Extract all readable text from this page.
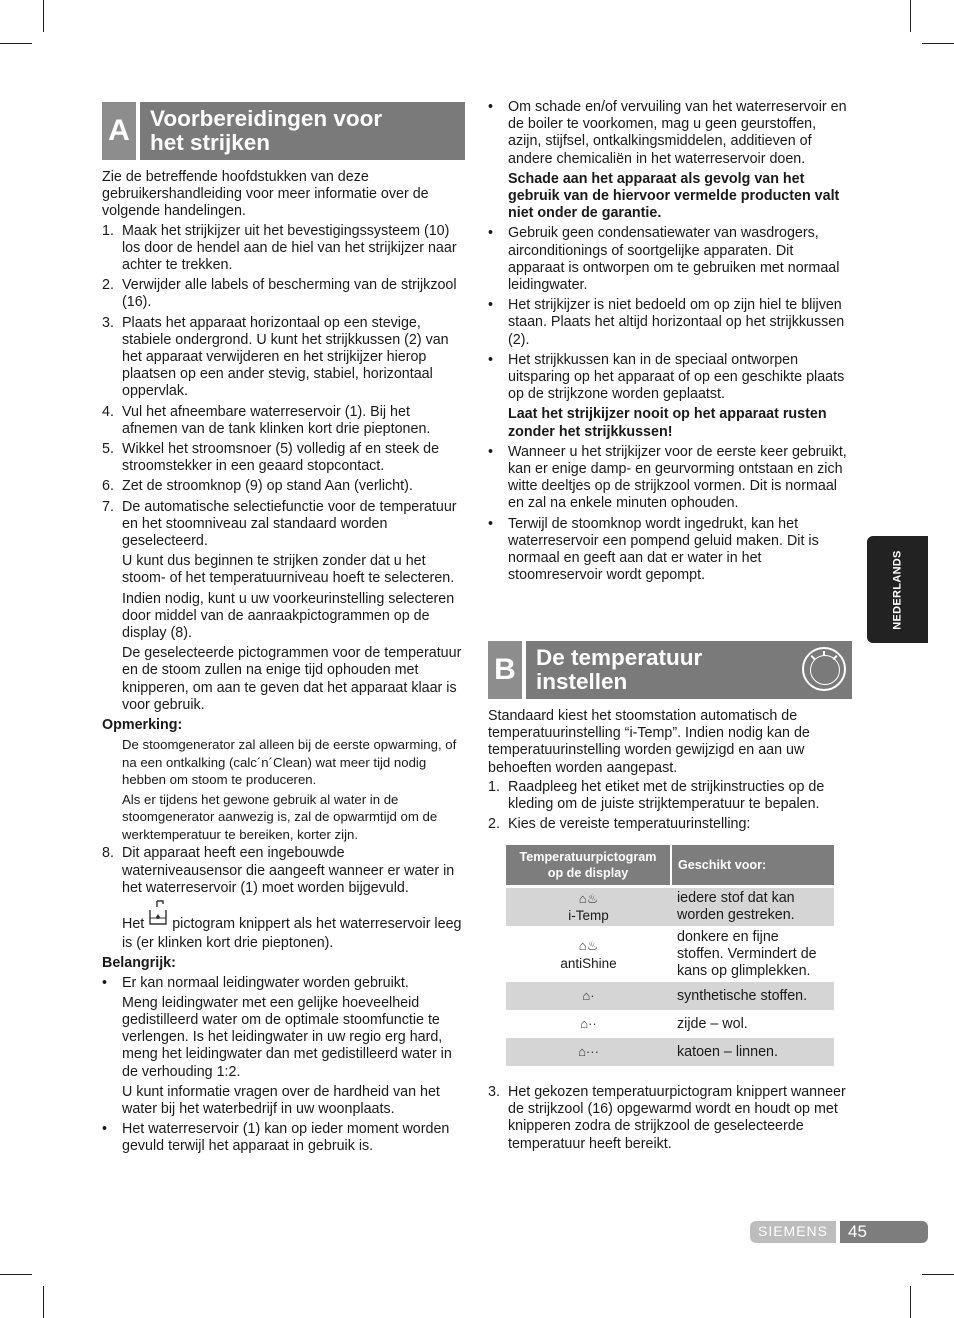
A Voorbereidingen voor
het strijken

Zie de betreffende hoofdstukken van deze gebruikershandleiding voor meer informatie over de volgende handelingen.

1. Maak het strijkijzer uit het bevestigingssysteem (10) los door de hendel aan de hiel van het strijkijzer naar achter te trekken.
2. Verwijder alle labels of bescherming van de strijkzool (16).
3. Plaats het apparaat horizontaal op een stevige, stabiele ondergrond. U kunt het strijkkussen (2) van het apparaat verwijderen en het strijkijzer hierop plaatsen op een ander stevig, stabiel, horizontaal oppervlak.
4. Vul het afneembare waterreservoir (1). Bij het afnemen van de tank klinken kort drie pieptonen.
5. Wikkel het stroomsnoer (5) volledig af en steek de stroomstekker in een geaard stopcontact.
6. Zet de stroomknop (9) op stand Aan (verlicht).
7. De automatische selectiefunctie voor de temperatuur en het stoomniveau zal standaard worden geselecteerd.
U kunt dus beginnen te strijken zonder dat u het stoom- of het temperatuurniveau hoeft te selecteren.
Indien nodig, kunt u uw voorkeurinstelling selecteren door middel van de aanraakpictogrammen op de display (8).
De geselecteerde pictogrammen voor de temperatuur en de stoom zullen na enige tijd ophouden met knipperen, om aan te geven dat het apparaat klaar is voor gebruik.

Opmerking:

De stoomgenerator zal alleen bij de eerste opwarming, of na een ontkalking (calc´n´Clean) wat meer tijd nodig hebben om stoom te produceren.
Als er tijdens het gewone gebruik al water in de stoomgenerator aanwezig is, zal de opwarmtijd om de werktemperatuur te bereiken, korter zijn.
8. Dit apparaat heeft een ingebouwde waterniveausensor die aangeeft wanneer er water in het waterreservoir (1) moet worden bijgevuld.
Het pictogram knippert als het waterreservoir leeg is (er klinken kort drie pieptonen).

Belangrijk:

• Er kan normaal leidingwater worden gebruikt.
Meng leidingwater met een gelijke hoeveelheid gedistilleerd water om de optimale stoomfunctie te verlengen. Is het leidingwater in uw regio erg hard, meng het leidingwater dan met gedistilleerd water in de verhouding 1:2.
U kunt informatie vragen over de hardheid van het water bij het waterbedrijf in uw woonplaats.
• Het waterreservoir (1) kan op ieder moment worden gevuld terwijl het apparaat in gebruik is.
• Om schade en/of vervuiling van het waterreservoir en de boiler te voorkomen, mag u geen geurstoffen, azijn, stijfsel, ontkalkingsmiddelen, additieven of andere chemicaliën in het waterreservoir doen.
Schade aan het apparaat als gevolg van het gebruik van de hiervoor vermelde producten valt niet onder de garantie.
• Gebruik geen condensatiewater van wasdrogers, airconditionings of soortgelijke apparaten. Dit apparaat is ontworpen om te gebruiken met normaal leidingwater.
• Het strijkijzer is niet bedoeld om op zijn hiel te blijven staan. Plaats het altijd horizontaal op het strijkkussen (2).
• Het strijkkussen kan in de speciaal ontworpen uitsparing op het apparaat of op een geschikte plaats op de strijkzone worden geplaatst.
Laat het strijkijzer nooit op het apparaat rusten zonder het strijkkussen!
• Wanneer u het strijkijzer voor de eerste keer gebruikt, kan er enige damp- en geurvorming ontstaan en zich witte deeltjes op de strijkzool vormen. Dit is normaal en zal na enkele minuten ophouden.
• Terwijl de stoomknop wordt ingedrukt, kan het waterreservoir een pompend geluid maken. Dit is normaal en geeft aan dat er water in het stoomreservoir wordt gepompt.
B De temperatuur
instellen

Standaard kiest het stoomstation automatisch de temperatuurinstelling “i-Temp”. Indien nodig kan de temperatuurinstelling worden gewijzigd en aan uw behoeften worden aangepast.

1. Raadpleeg het etiket met de strijkinstructies op de kleding om de juiste strijktemperatuur te bepalen.
2. Kies de vereiste temperatuurinstelling:
Temperatuurpictogram op de display	Geschikt voor:

⌂♨
i-Temp	iedere stof dat kan worden gestreken.
⌂♨
antiShine	donkere en fijne stoffen. Vermindert de kans op glimplekken.
⌂·	synthetische stoffen.
⌂··	zijde – wol.
⌂···	katoen – linnen.
3. Het gekozen temperatuurpictogram knippert wanneer de strijkzool (16) opgewarmd wordt en houdt op met knipperen zodra de strijkzool de geselecteerde temperatuur heeft bereikt.
NEDERLANDS
SIEMENS	45
